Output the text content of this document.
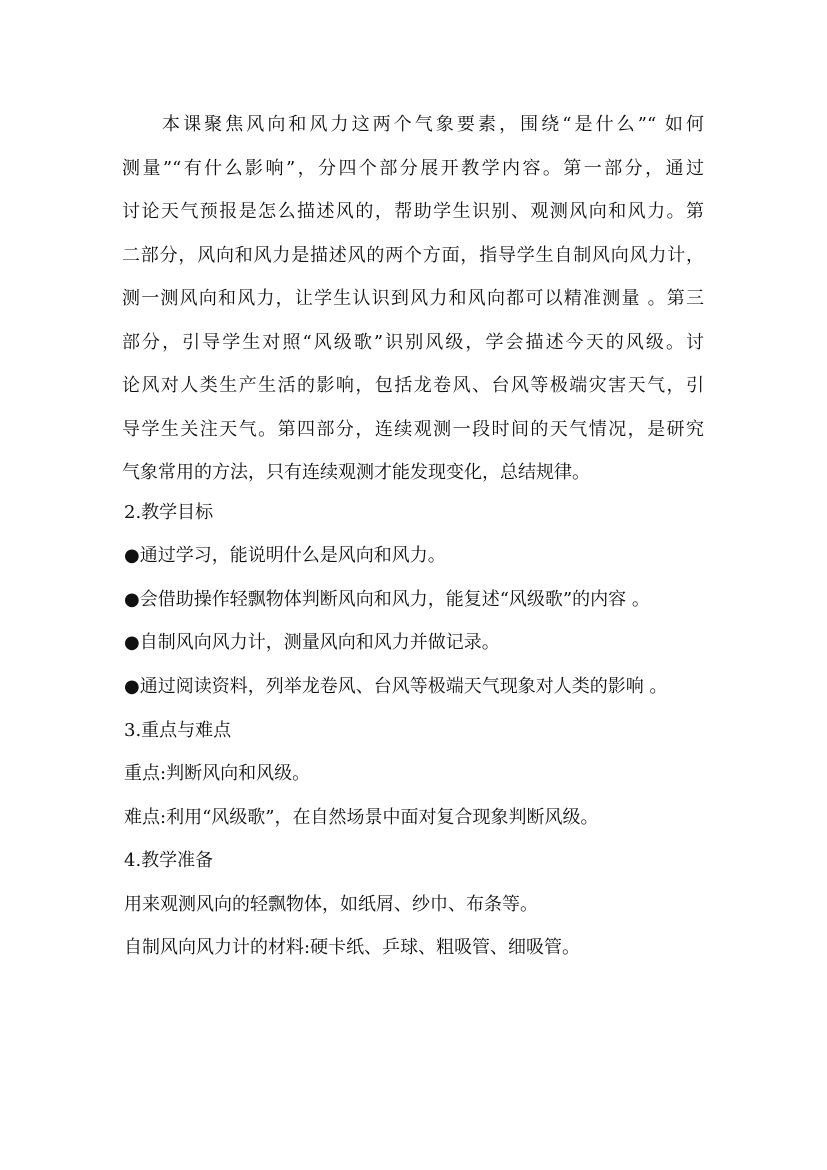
本课聚焦风向和风力这两个气象要素，围绕“是什么”“ 如何
测量”“有什么影响”，分四个部分展开教学内容。第一部分，通过
讨论天气预报是怎么描述风的，帮助学生识别、观测风向和风力。第
二部分，风向和风力是描述风的两个方面，指导学生自制风向风力计，
测一测风向和风力，让学生认识到风力和风向都可以精准测量 。第三
部分，引导学生对照“风级歌”识别风级，学会描述今天的风级。讨
论风对人类生产生活的影响，包括龙卷风、台风等极端灾害天气，引
导学生关注天气。第四部分，连续观测一段时间的天气情况，是研究
气象常用的方法，只有连续观测才能发现变化，总结规律。

2.教学目标

●通过学习，能说明什么是风向和风力。

●会借助操作轻飘物体判断风向和风力，能复述“风级歌”的内容 。

●自制风向风力计，测量风向和风力并做记录。

●通过阅读资料，列举龙卷风、台风等极端天气现象对人类的影响 。

3.重点与难点

重点:判断风向和风级。

难点:利用“风级歌”，在自然场景中面对复合现象判断风级。

4.教学准备

用来观测风向的轻飘物体，如纸屑、纱巾、布条等。

自制风向风力计的材料:硬卡纸、乒球、粗吸管、细吸管。
